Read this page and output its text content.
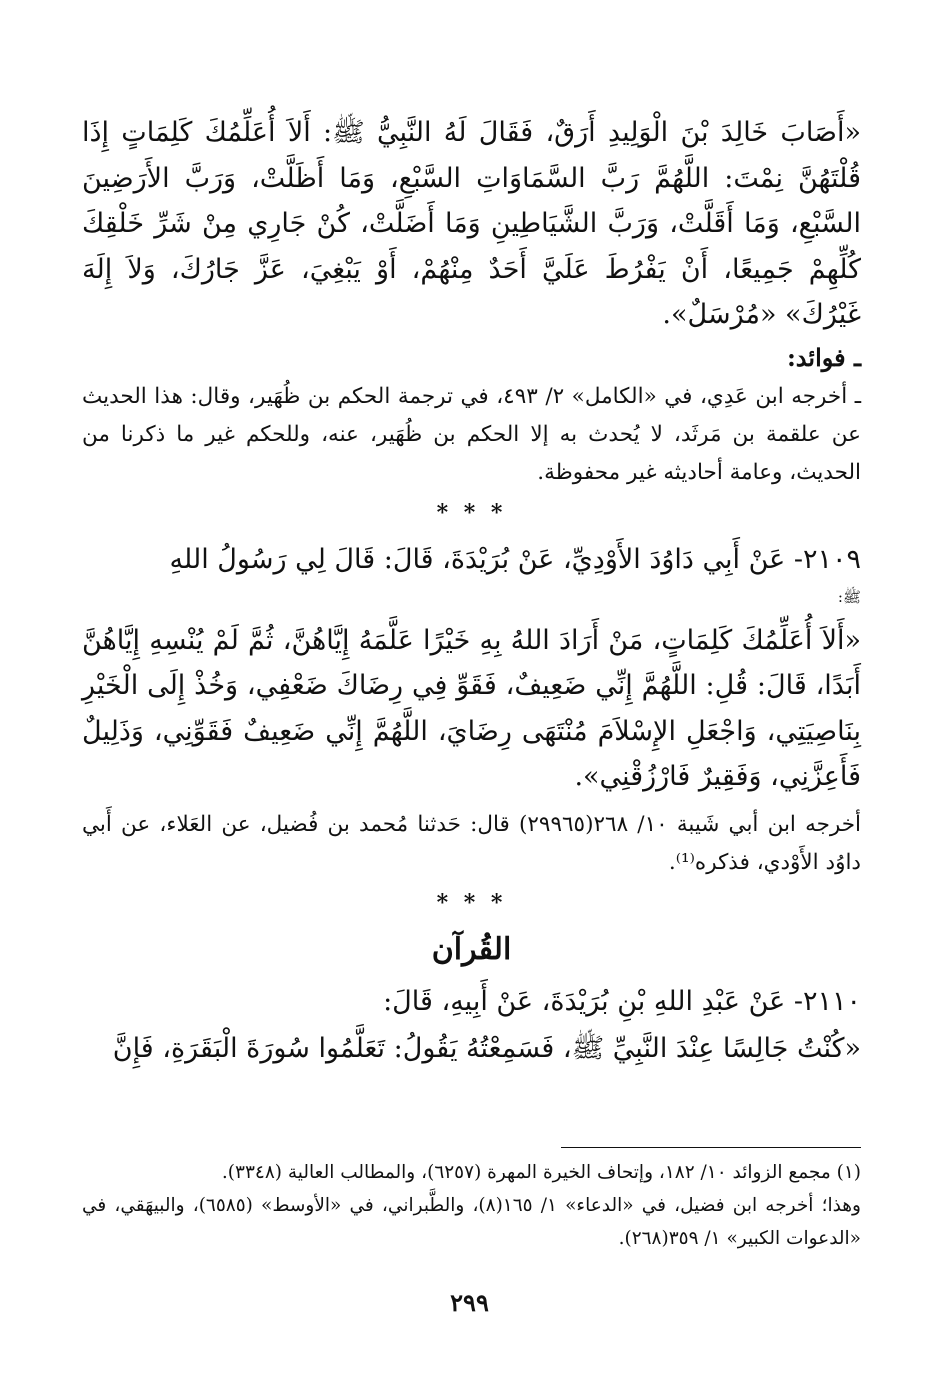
«أَصَابَ خَالِدَ بْنَ الْوَلِيدِ أَرَقٌ، فَقَالَ لَهُ النَّبِيُّ ﷺ: أَلاَ أُعَلِّمُكَ كَلِمَاتٍ إِذَا قُلْتَهُنَّ نِمْتَ: اللَّهُمَّ رَبَّ السَّمَاوَاتِ السَّبْعِ، وَمَا أَظَلَّتْ، وَرَبَّ الأَرَضِينَ السَّبْعِ، وَمَا أَقَلَّتْ، وَرَبَّ الشَّيَاطِينِ وَمَا أَضَلَّتْ، كُنْ جَارِي مِنْ شَرِّ خَلْقِكَ كُلِّهِمْ جَمِيعًا، أَنْ يَفْرُطَ عَلَيَّ أَحَدٌ مِنْهُمْ، أَوْ يَبْغِيَ، عَزَّ جَارُكَ، وَلاَ إِلَهَ غَيْرُكَ» «مُرْسَلٌ».

ـ فوائد:

ـ أخرجه ابن عَدِي، في «الكامل» ٢/ ٤٩٣، في ترجمة الحكم بن ظُهَير، وقال: هذا الحديث عن علقمة بن مَرثَد، لا يُحدث به إلا الحكم بن ظُهَير، عنه، وللحكم غير ما ذكرنا من الحديث، وعامة أحاديثه غير محفوظة.

* * *

٢١٠٩- عَنْ أَبِي دَاوُدَ الأَوْدِيِّ، عَنْ بُرَيْدَةَ، قَالَ: قَالَ لِي رَسُولُ اللهِ

ﷺ:

«أَلاَ أُعَلِّمُكَ كَلِمَاتٍ، مَنْ أَرَادَ اللهُ بِهِ خَيْرًا عَلَّمَهُ إِيَّاهُنَّ، ثُمَّ لَمْ يُنْسِهِ إِيَّاهُنَّ أَبَدًا، قَالَ: قُلِ: اللَّهُمَّ إِنِّي ضَعِيفٌ، فَقَوِّ فِي رِضَاكَ ضَعْفِي، وَخُذْ إِلَى الْخَيْرِ بِنَاصِيَتِي، وَاجْعَلِ الإِسْلاَمَ مُنْتَهَى رِضَايَ، اللَّهُمَّ إِنِّي ضَعِيفٌ فَقَوِّنِي، وَذَلِيلٌ فَأَعِزَّنِي، وَفَقِيرٌ فَارْزُقْنِي».

أخرجه ابن أبي شَيبة ١٠/ ٢٦٨(٢٩٩٦٥) قال: حَدثنا مُحمد بن فُضيل، عن العَلاء، عن أَبي داوُد الأَوْدي، فذكره⁽¹⁾.

* * *
القُرآن

٢١١٠- عَنْ عَبْدِ اللهِ بْنِ بُرَيْدَةَ، عَنْ أَبِيهِ، قَالَ:

«كُنْتُ جَالِسًا عِنْدَ النَّبِيِّ ﷺ، فَسَمِعْتُهُ يَقُولُ: تَعَلَّمُوا سُورَةَ الْبَقَرَةِ، فَإِنَّ

(١) مجمع الزوائد ١٠/ ١٨٢، وإتحاف الخيرة المهرة (٦٢٥٧)، والمطالب العالية (٣٣٤٨).

وهذا؛ أخرجه ابن فضيل، في «الدعاء» ١/ ١٦٥(٨)، والطَّبراني، في «الأوسط» (٦٥٨٥)، والبيهَقي، في «الدعوات الكبير» ١/ ٣٥٩(٢٦٨).

٢٩٩
